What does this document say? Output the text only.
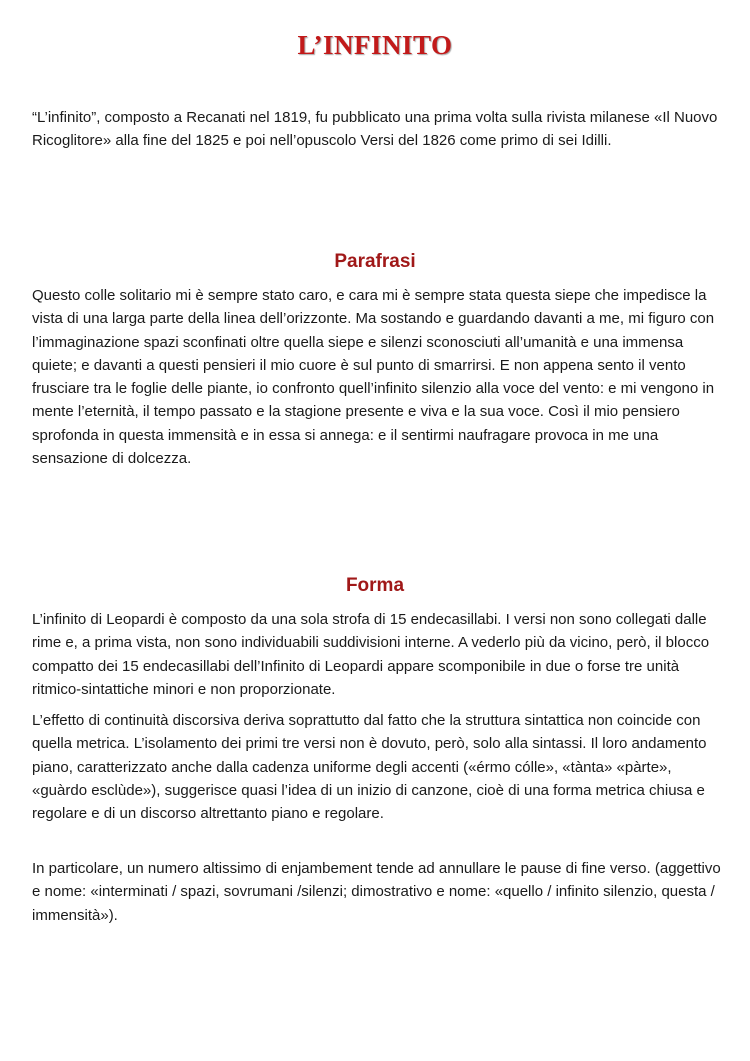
L’INFINITO

“L’infinito”, composto a Recanati nel 1819, fu pubblicato una prima volta sulla rivista milanese «Il Nuovo Ricoglitore» alla fine del 1825 e poi nell’opuscolo Versi del 1826 come primo di sei Idilli.

Parafrasi

Questo colle solitario mi è sempre stato caro, e cara mi è sempre stata questa siepe che impedisce la vista di una larga parte della linea dell’orizzonte. Ma sostando e guardando davanti a me, mi figuro con l’immaginazione spazi sconfinati oltre quella siepe e silenzi sconosciuti all’umanità e una immensa quiete; e davanti a questi pensieri il mio cuore è sul punto di smarrirsi. E non appena sento il vento frusciare tra le foglie delle piante, io confronto quell’infinito silenzio alla voce del vento: e mi vengono in mente l’eternità, il tempo passato e la stagione presente e viva e la sua voce. Così il mio pensiero sprofonda in questa immensità e in essa si annega: e il sentirmi naufragare provoca in me una sensazione di dolcezza.

Forma

L’infinito di Leopardi è composto da una sola strofa di 15 endecasillabi. I versi non sono collegati dalle rime e, a prima vista, non sono individuabili suddivisioni interne. A vederlo più da vicino, però, il blocco compatto dei 15 endecasillabi dell’Infinito di Leopardi appare scomponibile in due o forse tre unità ritmico-sintattiche minori e non proporzionate.

L’effetto di continuità discorsiva deriva soprattutto dal fatto che la struttura sintattica non coincide con quella metrica. L’isolamento dei primi tre versi non è dovuto, però, solo alla sintassi. Il loro andamento piano, caratterizzato anche dalla cadenza uniforme degli accenti («érmo cólle», «tànta» «pàrte», «guàrdo esclùde»), suggerisce quasi l’idea di un inizio di canzone, cioè di una forma metrica chiusa e regolare e di un discorso altrettanto piano e regolare.

In particolare, un numero altissimo di enjambement tende ad annullare le pause di fine verso. (aggettivo e nome: «interminati / spazi, sovrumani /silenzi; dimostrativo e nome: «quello / infinito silenzio, questa / immensità»).
